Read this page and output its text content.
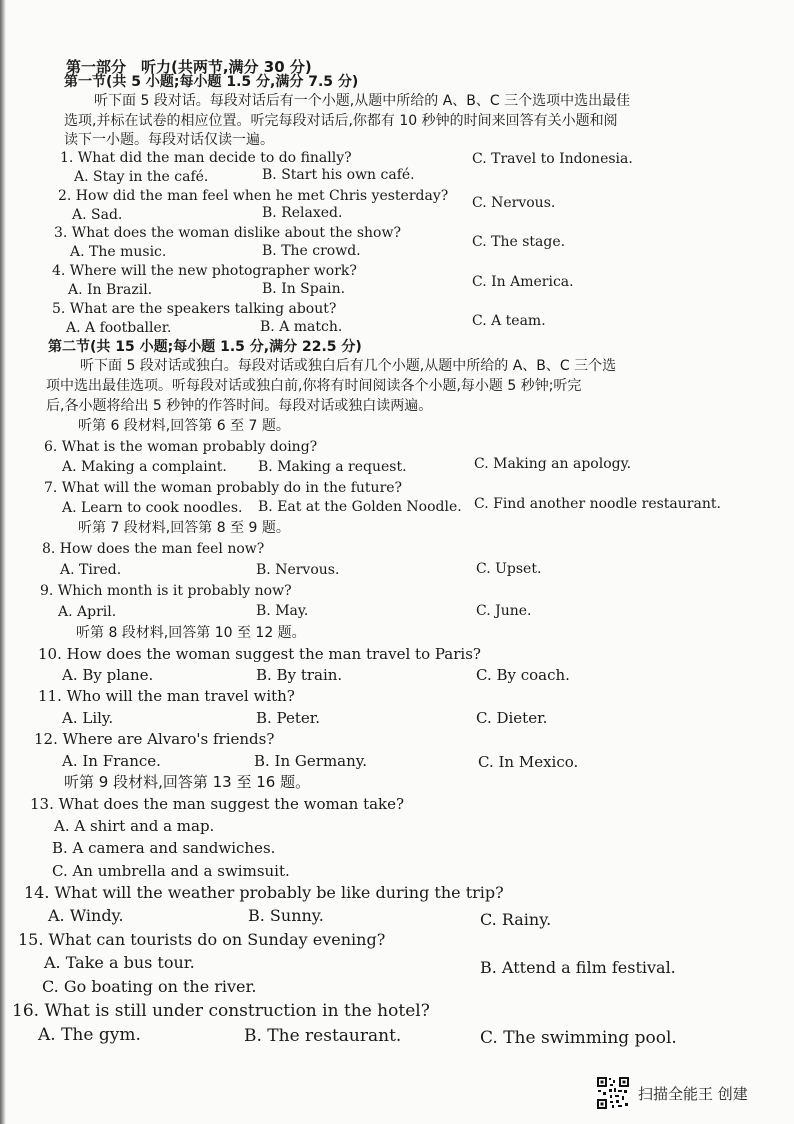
第一部分　听力(共两节,满分 30 分)
第一节(共 5 小题;每小题 1.5 分,满分 7.5 分)
听下面 5 段对话。每段对话后有一个小题,从题中所给的 A、B、C 三个选项中选出最佳
选项,并标在试卷的相应位置。听完每段对话后,你都有 10 秒钟的时间来回答有关小题和阅
读下一小题。每段对话仅读一遍。
1. What did the man decide to do finally?
A. Stay in the café.	B. Start his own café.
C. Travel to Indonesia.
2. How did the man feel when he met Chris yesterday?
A. Sad.	B. Relaxed.
C. Nervous.
3. What does the woman dislike about the show?
A. The music.	B. The crowd.
C. The stage.
4. Where will the new photographer work?
A. In Brazil.	B. In Spain.	C. In America.
5. What are the speakers talking about?
A. A footballer.	B. A match.	C. A team.
第二节(共 15 小题;每小题 1.5 分,满分 22.5 分)
听下面 5 段对话或独白。每段对话或独白后有几个小题,从题中所给的 A、B、C 三个选
项中选出最佳选项。听每段对话或独白前,你将有时间阅读各个小题,每小题 5 秒钟;听完
后,各小题将给出 5 秒钟的作答时间。每段对话或独白读两遍。
听第 6 段材料,回答第 6 至 7 题。
6. What is the woman probably doing?
A. Making a complaint. B. Making a request.	C. Making an apology.
7. What will the woman probably do in the future?
A. Learn to cook noodles. B. Eat at the Golden Noodle. C. Find another noodle restaurant.
听第 7 段材料,回答第 8 至 9 题。
8. How does the man feel now?
A. Tired.	B. Nervous.	C. Upset.
9. Which month is it probably now?
A. April.	B. May.	C. June.
听第 8 段材料,回答第 10 至 12 题。
10. How does the woman suggest the man travel to Paris?
A. By plane.	B. By train.	C. By coach.
11. Who will the man travel with?
A. Lily.	B. Peter.	C. Dieter.
12. Where are Alvaro's friends?
A. In France.	B. In Germany.	C. In Mexico.
听第 9 段材料,回答第 13 至 16 题。
13. What does the man suggest the woman take?
A. A shirt and a map.
B. A camera and sandwiches.
C. An umbrella and a swimsuit.
14. What will the weather probably be like during the trip?
A. Windy.	B. Sunny.	C. Rainy.
15. What can tourists do on Sunday evening?
A. Take a bus tour.	B. Attend a film festival.
C. Go boating on the river.
16. What is still under construction in the hotel?
A. The gym.	B. The restaurant.	C. The swimming pool.
扫描全能王 创建
